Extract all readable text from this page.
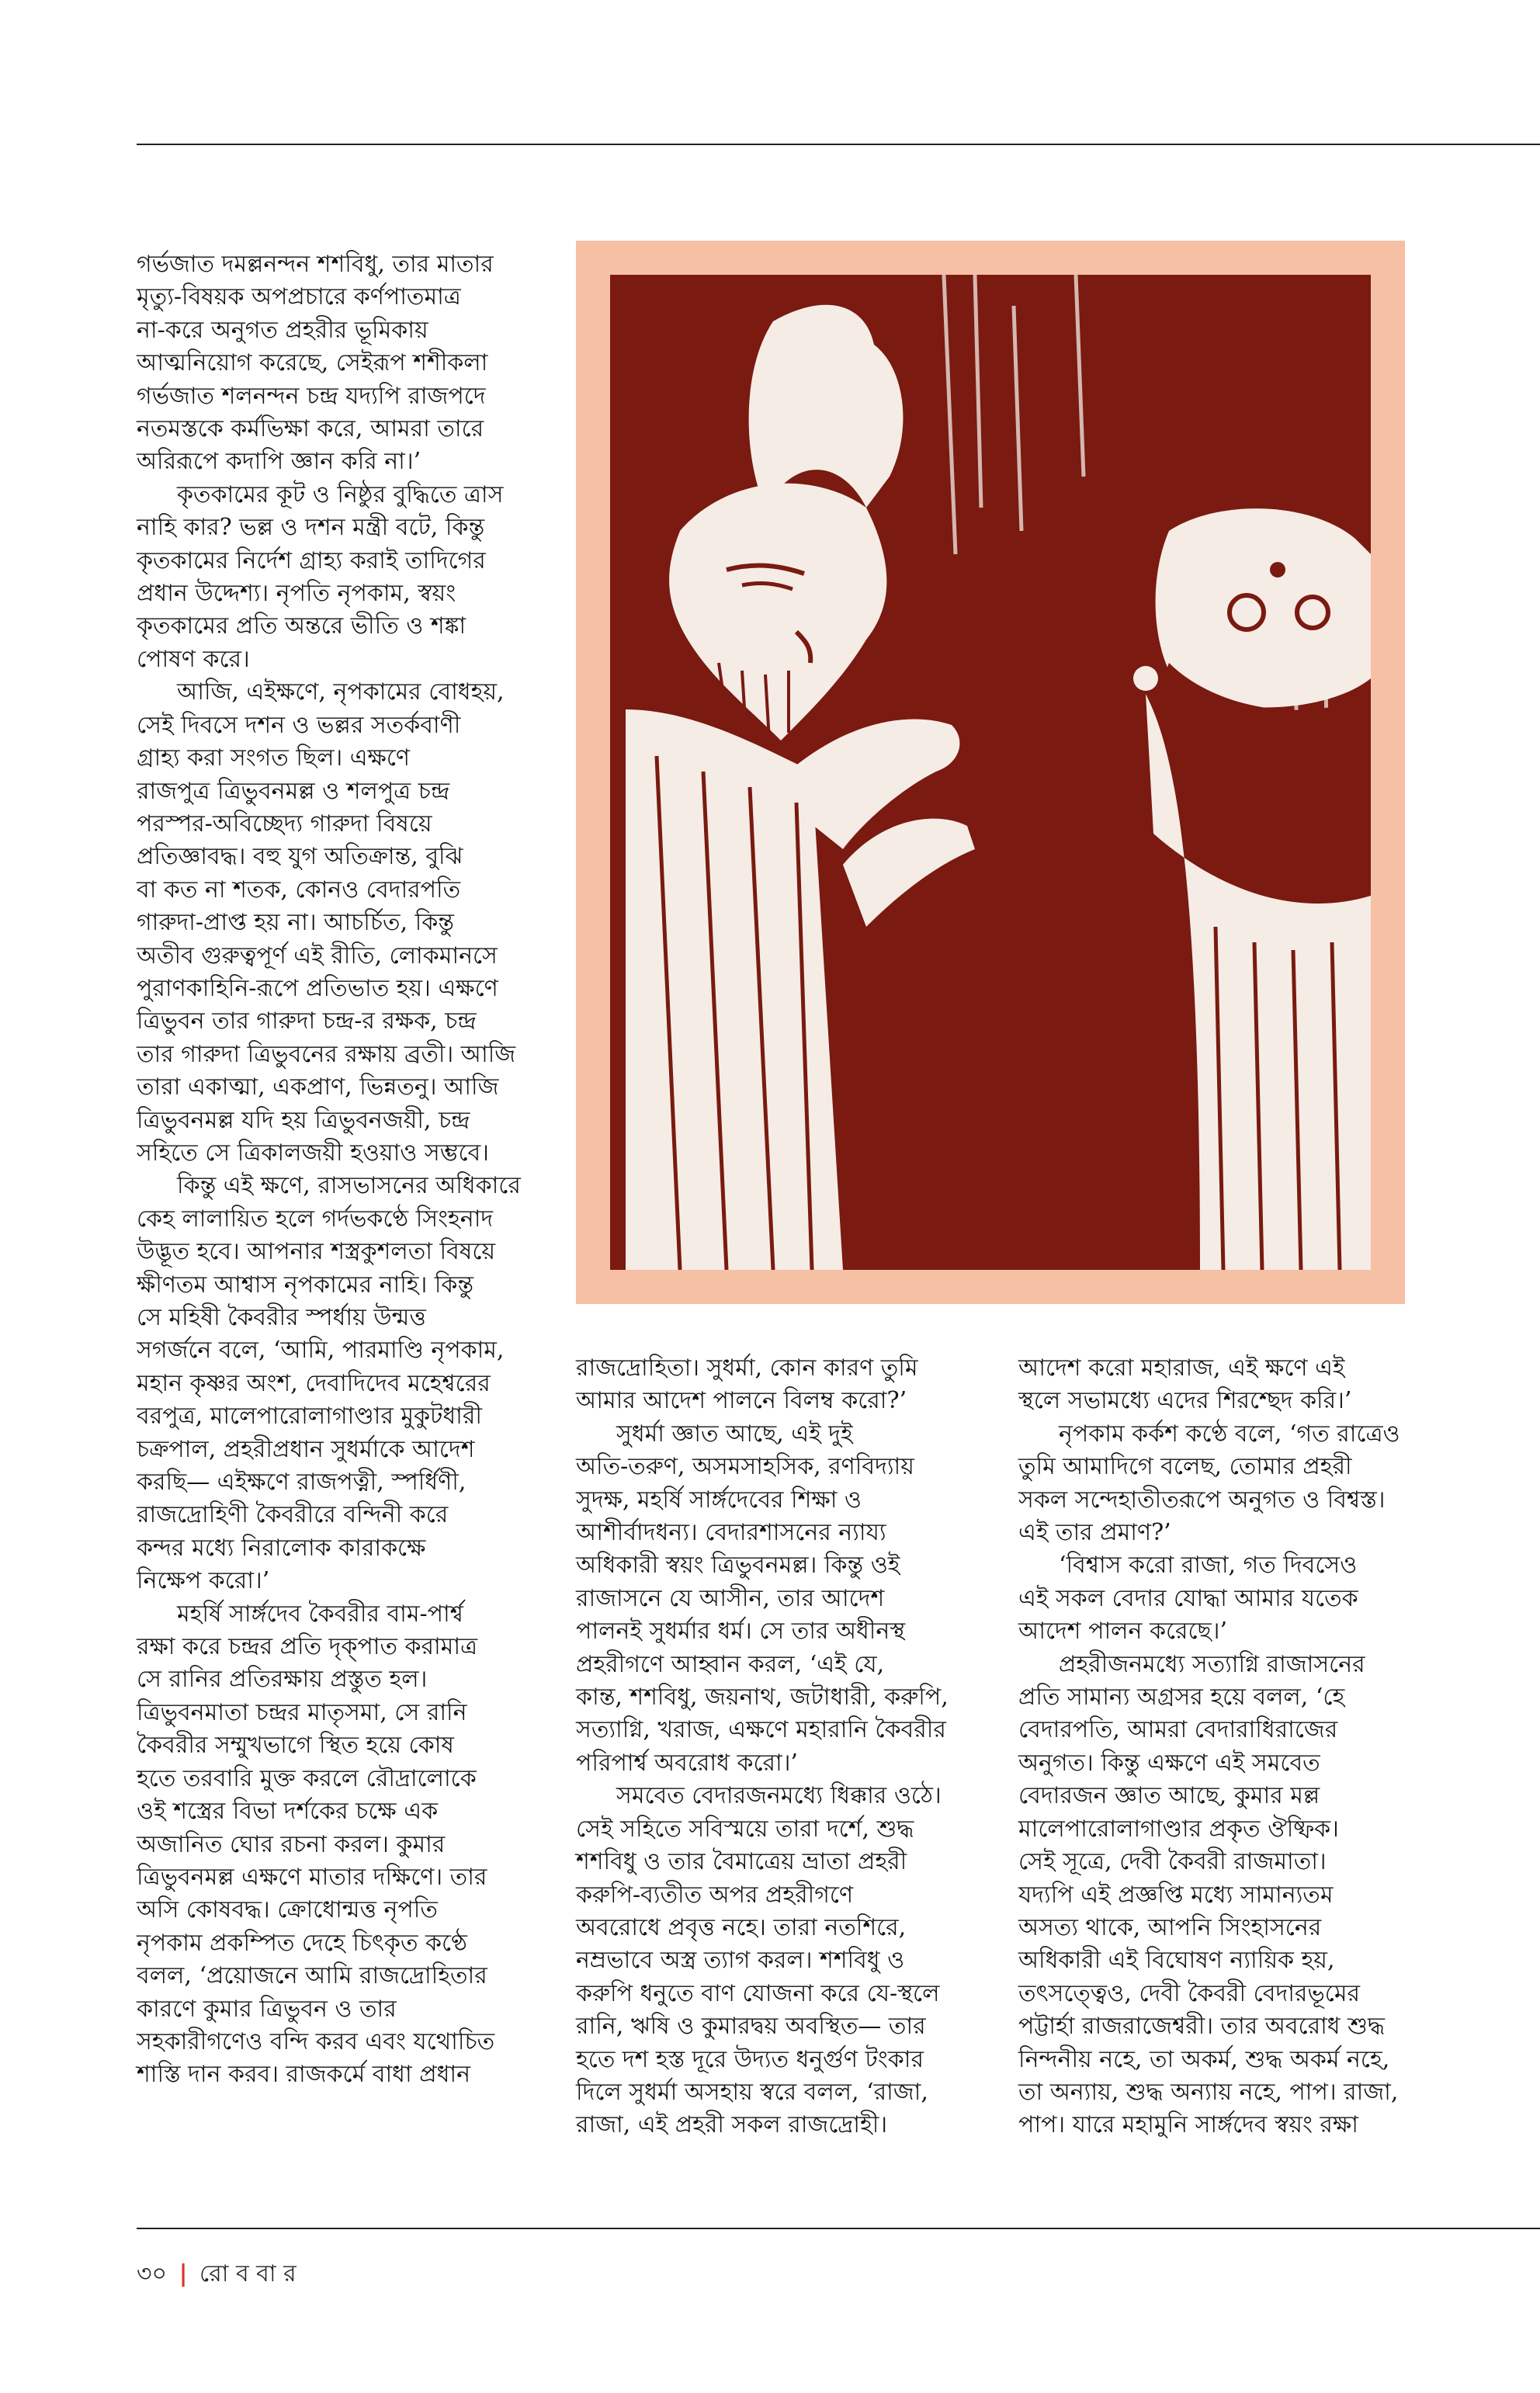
গর্ভজাত দমল্লনন্দন শশবিধু, তার মাতার
মৃত্যু-বিষয়ক অপপ্রচারে কর্ণপাতমাত্র
না-করে অনুগত প্রহরীর ভূমিকায়
আত্মনিয়োগ করেছে, সেইরূপ শশীকলা
গর্ভজাত শলনন্দন চন্দ্র যদ্যপি রাজপদে
নতমস্তকে কর্মভিক্ষা করে, আমরা তারে
অরিরূপে কদাপি জ্ঞান করি না।’

কৃতকামের কূট ও নিষ্ঠুর বুদ্ধিতে ত্রাস
নাহি কার? ভল্ল ও দশন মন্ত্রী বটে, কিন্তু
কৃতকামের নির্দেশ গ্রাহ্য করাই তাদিগের
প্রধান উদ্দেশ্য। নৃপতি নৃপকাম, স্বয়ং
কৃতকামের প্রতি অন্তরে ভীতি ও শঙ্কা
পোষণ করে।

আজি, এইক্ষণে, নৃপকামের বোধহয়,
সেই দিবসে দশন ও ভল্লর সতর্কবাণী
গ্রাহ্য করা সংগত ছিল। এক্ষণে
রাজপুত্র ত্রিভুবনমল্ল ও শলপুত্র চন্দ্র
পরস্পর-অবিচ্ছেদ্য গারুদা বিষয়ে
প্রতিজ্ঞাবদ্ধ। বহু যুগ অতিক্রান্ত, বুঝি
বা কত না শতক, কোনও বেদারপতি
গারুদা-প্রাপ্ত হয় না। আচর্চিত, কিন্তু
অতীব গুরুত্বপূর্ণ এই রীতি, লোকমানসে
পুরাণকাহিনি-রূপে প্রতিভাত হয়। এক্ষণে
ত্রিভুবন তার গারুদা চন্দ্র-র রক্ষক, চন্দ্র
তার গারুদা ত্রিভুবনের রক্ষায় ব্রতী। আজি
তারা একাত্মা, একপ্রাণ, ভিন্নতনু। আজি
ত্রিভুবনমল্ল যদি হয় ত্রিভুবনজয়ী, চন্দ্র
সহিতে সে ত্রিকালজয়ী হওয়াও সম্ভবে।

কিন্তু এই ক্ষণে, রাসভাসনের অধিকারে
কেহ লালায়িত হলে গর্দভকণ্ঠে সিংহনাদ
উদ্ভূত হবে। আপনার শস্ত্রকুশলতা বিষয়ে
ক্ষীণতম আশ্বাস নৃপকামের নাহি। কিন্তু
সে মহিষী কৈবরীর স্পর্ধায় উন্মত্ত
সগর্জনে বলে, ‘আমি, পারমাণ্ডি নৃপকাম,
মহান কৃষ্ণর অংশ, দেবাদিদেব মহেশ্বরের
বরপুত্র, মালেপারোলাগাণ্ডার মুকুটধারী
চক্রপাল, প্রহরীপ্রধান সুধর্মাকে আদেশ
করছি— এইক্ষণে রাজপত্নী, স্পর্ধিণী,
রাজদ্রোহিণী কৈবরীরে বন্দিনী করে
কন্দর মধ্যে নিরালোক কারাকক্ষে
নিক্ষেপ করো।’

মহর্ষি সার্ঙ্গদেব কৈবরীর বাম-পার্শ্ব
রক্ষা করে চন্দ্রর প্রতি দৃক্‌পাত করামাত্র
সে রানির প্রতিরক্ষায় প্রস্তুত হল।
ত্রিভুবনমাতা চন্দ্রর মাতৃসমা, সে রানি
কৈবরীর সম্মুখভাগে স্থিত হয়ে কোষ
হতে তরবারি মুক্ত করলে রৌদ্রালোকে
ওই শস্ত্রের বিভা দর্শকের চক্ষে এক
অজানিত ঘোর রচনা করল। কুমার
ত্রিভুবনমল্ল এক্ষণে মাতার দক্ষিণে। তার
অসি কোষবদ্ধ। ক্রোধোন্মত্ত নৃপতি
নৃপকাম প্রকম্পিত দেহে চিৎকৃত কণ্ঠে
বলল, ‘প্রয়োজনে আমি রাজদ্রোহিতার
কারণে কুমার ত্রিভুবন ও তার
সহকারীগণেও বন্দি করব এবং যথোচিত
শাস্তি দান করব। রাজকর্মে বাধা প্রধান

রাজদ্রোহিতা। সুধর্মা, কোন কারণ তুমি
আমার আদেশ পালনে বিলম্ব করো?’

সুধর্মা জ্ঞাত আছে, এই দুই
অতি-তরুণ, অসমসাহসিক, রণবিদ্যায়
সুদক্ষ, মহর্ষি সার্ঙ্গদেবের শিক্ষা ও
আশীর্বাদধন্য। বেদারশাসনের ন্যায্য
অধিকারী স্বয়ং ত্রিভুবনমল্ল। কিন্তু ওই
রাজাসনে যে আসীন, তার আদেশ
পালনই সুধর্মার ধর্ম। সে তার অধীনস্থ
প্রহরীগণে আহ্বান করল, ‘এই যে,
কান্ত, শশবিধু, জয়নাথ, জটাধারী, করুপি,
সত্যাগ্নি, খরাজ, এক্ষণে মহারানি কৈবরীর
পরিপার্শ্ব অবরোধ করো।’

সমবেত বেদারজনমধ্যে ধিক্কার ওঠে।
সেই সহিতে সবিস্ময়ে তারা দর্শে, শুদ্ধ
শশবিধু ও তার বৈমাত্রেয় ভ্রাতা প্রহরী
করুপি-ব্যতীত অপর প্রহরীগণে
অবরোধে প্রবৃত্ত নহে। তারা নতশিরে,
নম্রভাবে অস্ত্র ত্যাগ করল। শশবিধু ও
করুপি ধনুতে বাণ যোজনা করে যে-স্থলে
রানি, ঋষি ও কুমারদ্বয় অবস্থিত— তার
হতে দশ হস্ত দূরে উদ্যত ধনুর্গুণ টংকার
দিলে সুধর্মা অসহায় স্বরে বলল, ‘রাজা,
রাজা, এই প্রহরী সকল রাজদ্রোহী।

আদেশ করো মহারাজ, এই ক্ষণে এই
স্থলে সভামধ্যে এদের শিরশ্ছেদ করি।’

নৃপকাম কর্কশ কণ্ঠে বলে, ‘গত রাত্রেও
তুমি আমাদিগে বলেছ, তোমার প্রহরী
সকল সন্দেহাতীতরূপে অনুগত ও বিশ্বস্ত।
এই তার প্রমাণ?’

‘বিশ্বাস করো রাজা, গত দিবসেও
এই সকল বেদার যোদ্ধা আমার যতেক
আদেশ পালন করেছে।’

প্রহরীজনমধ্যে সত্যাগ্নি রাজাসনের
প্রতি সামান্য অগ্রসর হয়ে বলল, ‘হে
বেদারপতি, আমরা বেদারাধিরাজের
অনুগত। কিন্তু এক্ষণে এই সমবেত
বেদারজন জ্ঞাত আছে, কুমার মল্ল
মালেপারোলাগাণ্ডার প্রকৃত ঔষ্ফিক।
সেই সূত্রে, দেবী কৈবরী রাজমাতা।
যদ্যপি এই প্রজ্ঞপ্তি মধ্যে সামান্যতম
অসত্য থাকে, আপনি সিংহাসনের
অধিকারী এই বিঘোষণ ন্যায়িক হয়,
তৎসত্ত্বেও, দেবী কৈবরী বেদারভূমের
পট্টার্হা রাজরাজেশ্বরী। তার অবরোধ শুদ্ধ
নিন্দনীয় নহে, তা অকর্ম, শুদ্ধ অকর্ম নহে,
তা অন্যায়, শুদ্ধ অন্যায় নহে, পাপ। রাজা,
পাপ। যারে মহামুনি সার্ঙ্গদেব স্বয়ং রক্ষা

৩০ | রো ব বা র
